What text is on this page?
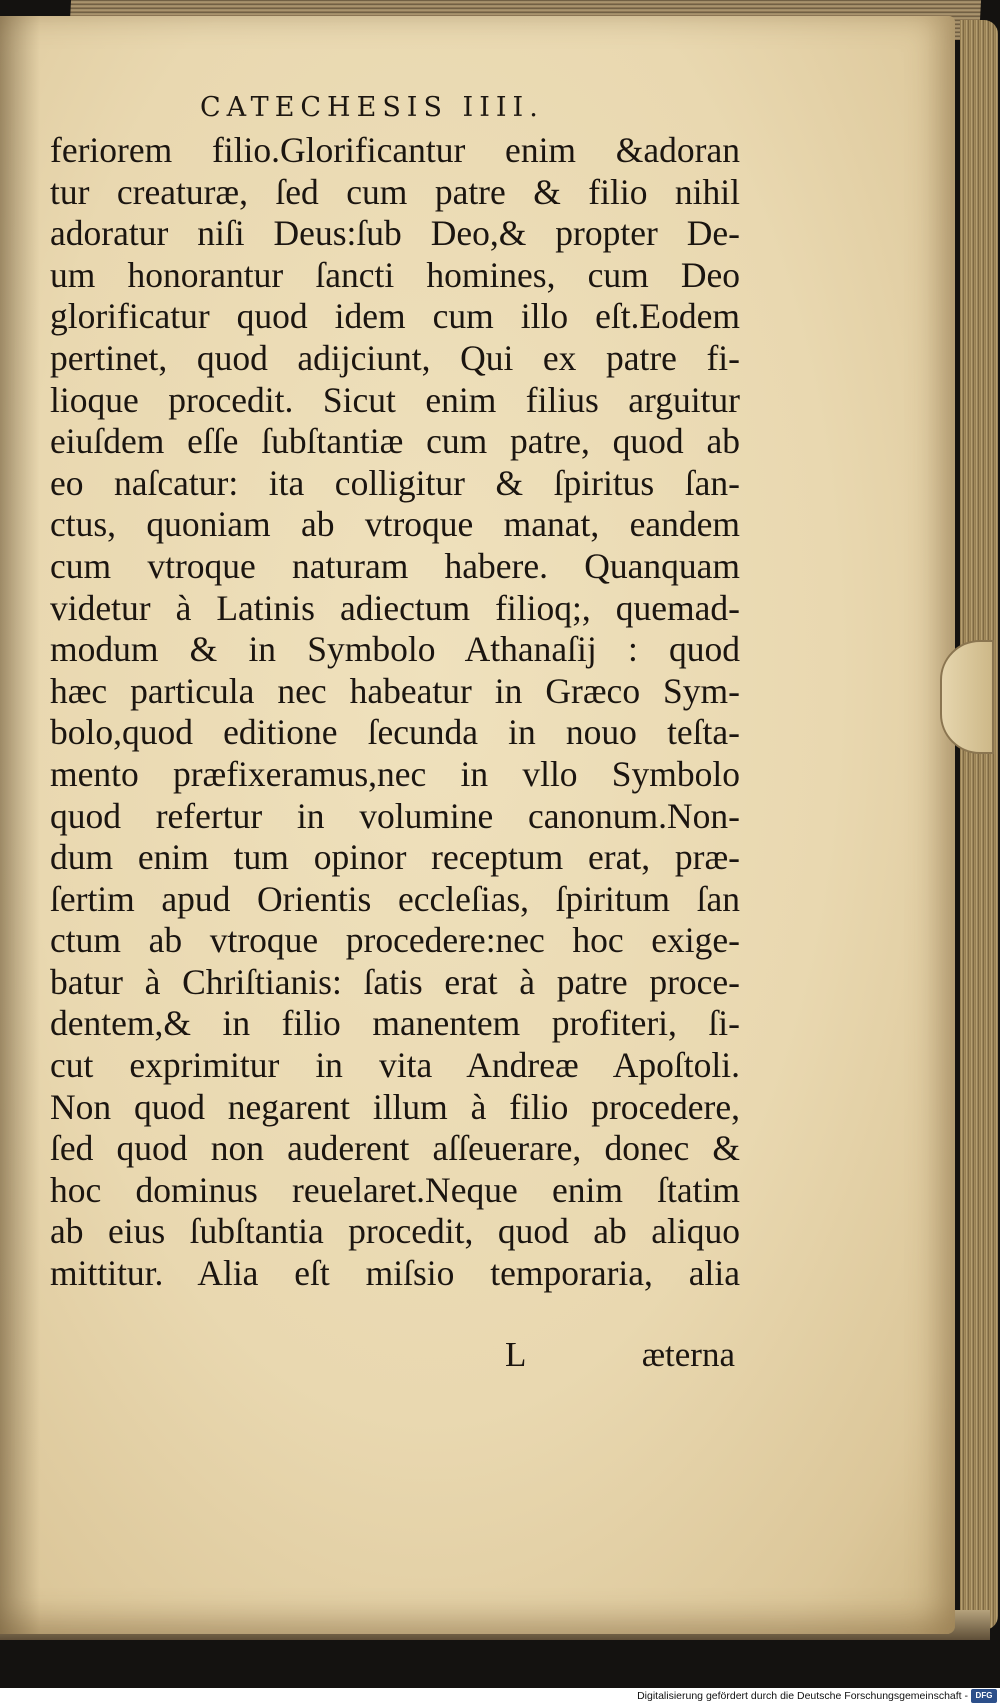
CATECHESIS IIII.
feriorem filio.Glorificantur enim &adoran
tur creaturæ, ſed cum patre & filio nihil
adoratur niſi Deus:ſub Deo,& propter De-
um honorantur ſancti homines, cum Deo
glorificatur quod idem cum illo eſt.Eodem
pertinet, quod adijciunt, Qui ex patre fi-
lioque procedit. Sicut enim filius arguitur
eiuſdem eſſe ſubſtantiæ cum patre, quod ab
eo naſcatur: ita colligitur & ſpiritus ſan-
ctus, quoniam ab vtroque manat, eandem
cum vtroque naturam habere. Quanquam
videtur à Latinis adiectum filioq;, quemad-
modum & in Symbolo Athanaſij : quod
hæc particula nec habeatur in Græco Sym-
bolo,quod editione ſecunda in nouo teſta-
mento præfixeramus,nec in vllo Symbolo
quod refertur in volumine canonum.Non-
dum enim tum opinor receptum erat, præ-
ſertim apud Orientis eccleſias, ſpiritum ſan
ctum ab vtroque procedere:nec hoc exige-
batur à Chriſtianis: ſatis erat à patre proce-
dentem,& in filio manentem profiteri, ſi-
cut exprimitur in vita Andreæ Apoſtoli.
Non quod negarent illum à filio procedere,
ſed quod non auderent aſſeuerare, donec &
hoc dominus reuelaret.Neque enim ſtatim
ab eius ſubſtantia procedit, quod ab aliquo
mittitur. Alia eſt miſsio temporaria, alia
L	æterna
Digitalisierung gefördert durch die Deutsche Forschungsgemeinschaft - DFG
